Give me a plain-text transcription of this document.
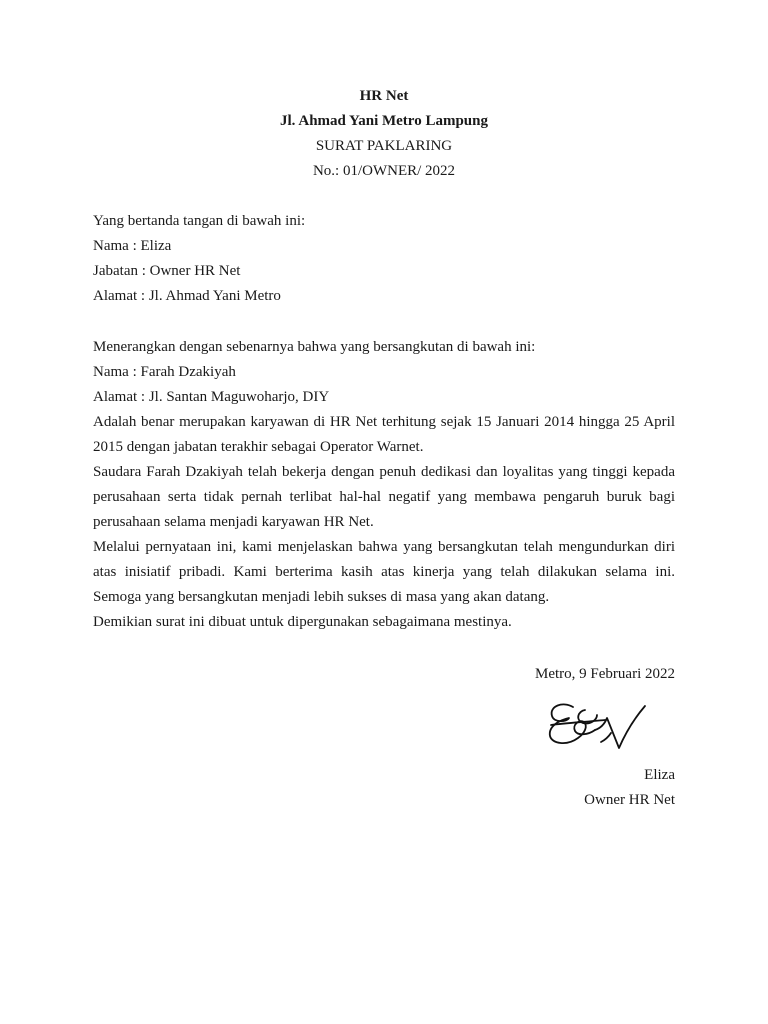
HR Net
Jl. Ahmad Yani Metro Lampung
SURAT PAKLARING
No.: 01/OWNER/ 2022
Yang bertanda tangan di bawah ini:
Nama : Eliza
Jabatan : Owner HR Net
Alamat : Jl. Ahmad Yani Metro
Menerangkan dengan sebenarnya bahwa yang bersangkutan di bawah ini:
Nama : Farah Dzakiyah
Alamat : Jl. Santan Maguwoharjo, DIY
Adalah benar merupakan karyawan di HR Net terhitung sejak 15 Januari 2014 hingga 25 April
2015 dengan jabatan terakhir sebagai Operator Warnet.
Saudara Farah Dzakiyah telah bekerja dengan penuh dedikasi dan loyalitas yang tinggi kepada
perusahaan serta tidak pernah terlibat hal-hal negatif yang membawa pengaruh buruk bagi
perusahaan selama menjadi karyawan HR Net.
Melalui pernyataan ini, kami menjelaskan bahwa yang bersangkutan telah mengundurkan diri
atas inisiatif pribadi. Kami berterima kasih atas kinerja yang telah dilakukan selama ini.
Semoga yang bersangkutan menjadi lebih sukses di masa yang akan datang.
Demikian surat ini dibuat untuk dipergunakan sebagaimana mestinya.
Metro, 9 Februari 2022
Eliza
Owner HR Net
